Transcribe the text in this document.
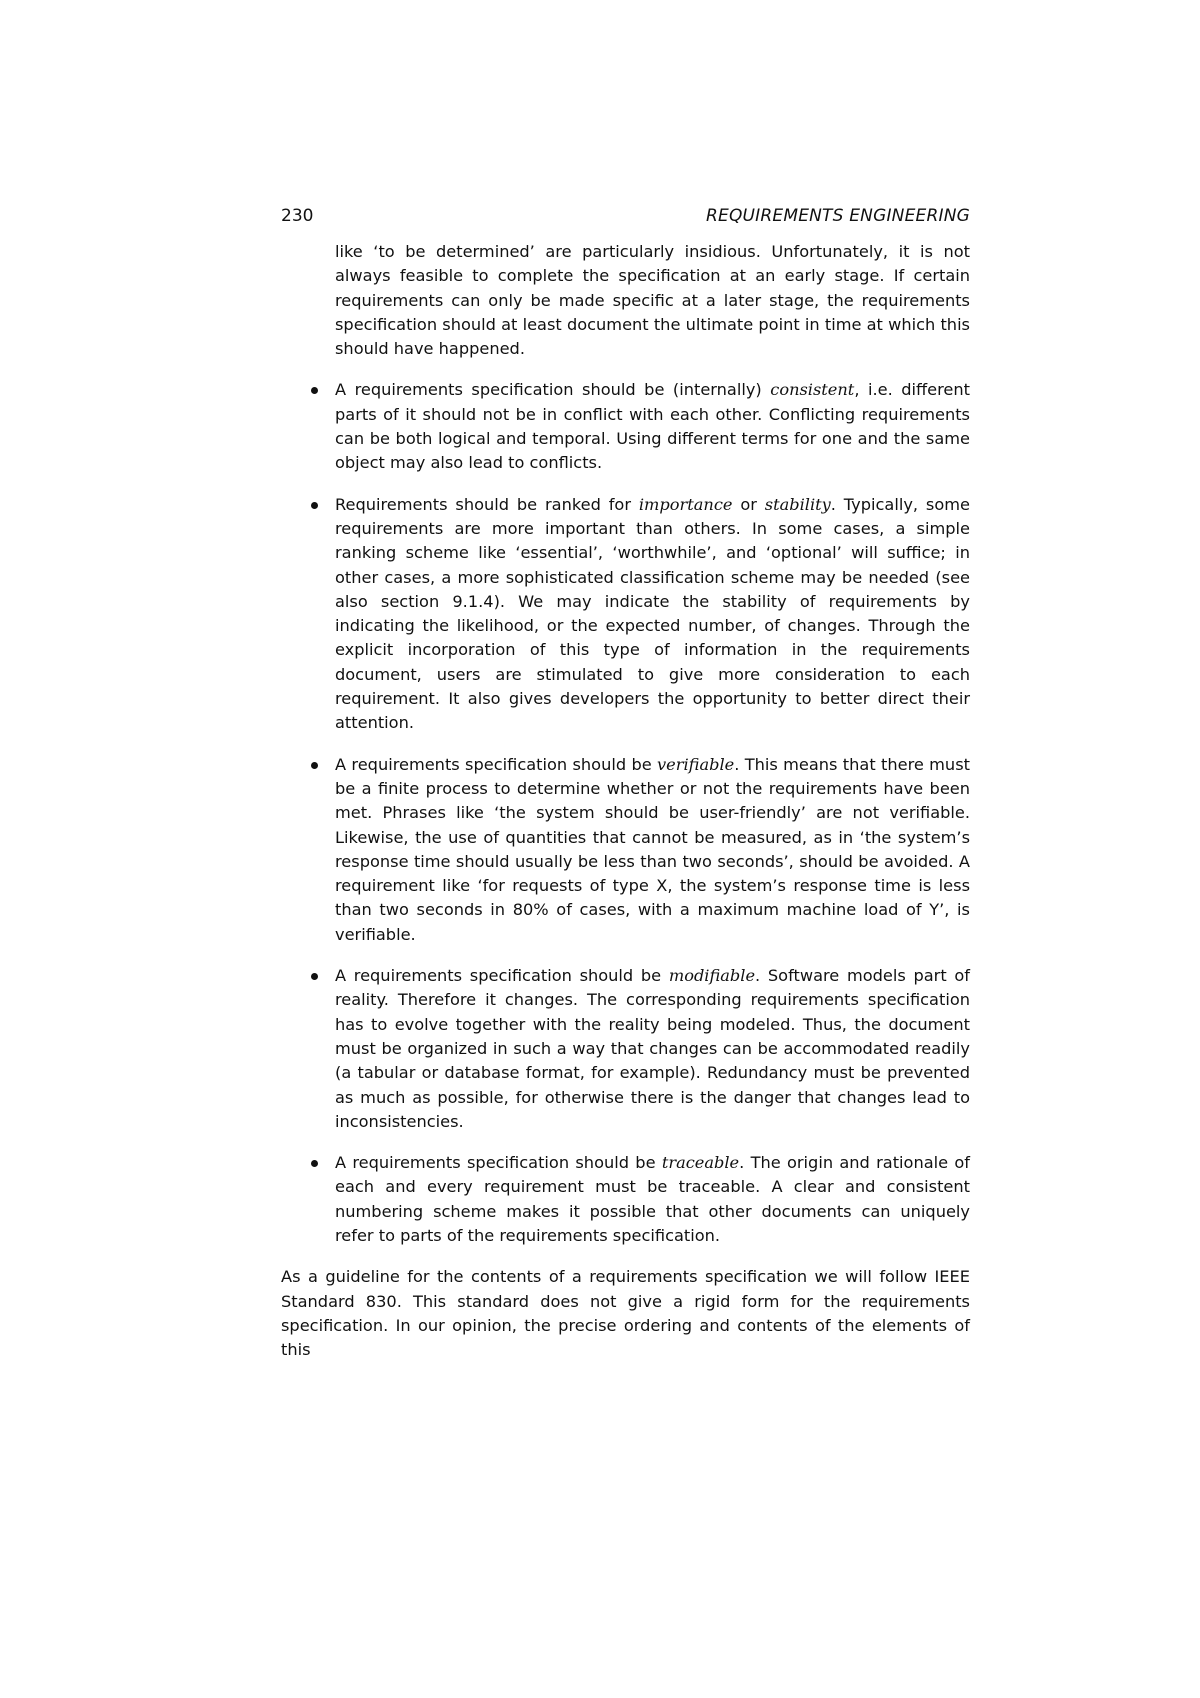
230	REQUIREMENTS ENGINEERING

like ‘to be determined’ are particularly insidious. Unfortunately, it is not always feasible to complete the specification at an early stage. If certain requirements can only be made specific at a later stage, the requirements specification should at least document the ultimate point in time at which this should have happened.

A requirements specification should be (internally) consistent, i.e. different parts of it should not be in conflict with each other. Conflicting requirements can be both logical and temporal. Using different terms for one and the same object may also lead to conflicts.
Requirements should be ranked for importance or stability. Typically, some requirements are more important than others. In some cases, a simple ranking scheme like ‘essential’, ‘worthwhile’, and ‘optional’ will suffice; in other cases, a more sophisticated classification scheme may be needed (see also section 9.1.4). We may indicate the stability of requirements by indicating the likelihood, or the expected number, of changes. Through the explicit incorporation of this type of information in the requirements document, users are stimulated to give more consideration to each requirement. It also gives developers the opportunity to better direct their attention.
A requirements specification should be verifiable. This means that there must be a finite process to determine whether or not the requirements have been met. Phrases like ‘the system should be user-friendly’ are not verifiable. Likewise, the use of quantities that cannot be measured, as in ‘the system’s response time should usually be less than two seconds’, should be avoided. A requirement like ‘for requests of type X, the system’s response time is less than two seconds in 80% of cases, with a maximum machine load of Y’, is verifiable.
A requirements specification should be modifiable. Software models part of reality. Therefore it changes. The corresponding requirements specification has to evolve together with the reality being modeled. Thus, the document must be organized in such a way that changes can be accommodated readily (a tabular or database format, for example). Redundancy must be prevented as much as possible, for otherwise there is the danger that changes lead to inconsistencies.
A requirements specification should be traceable. The origin and rationale of each and every requirement must be traceable. A clear and consistent numbering scheme makes it possible that other documents can uniquely refer to parts of the requirements specification.

As a guideline for the contents of a requirements specification we will follow IEEE Standard 830. This standard does not give a rigid form for the requirements specification. In our opinion, the precise ordering and contents of the elements of this
